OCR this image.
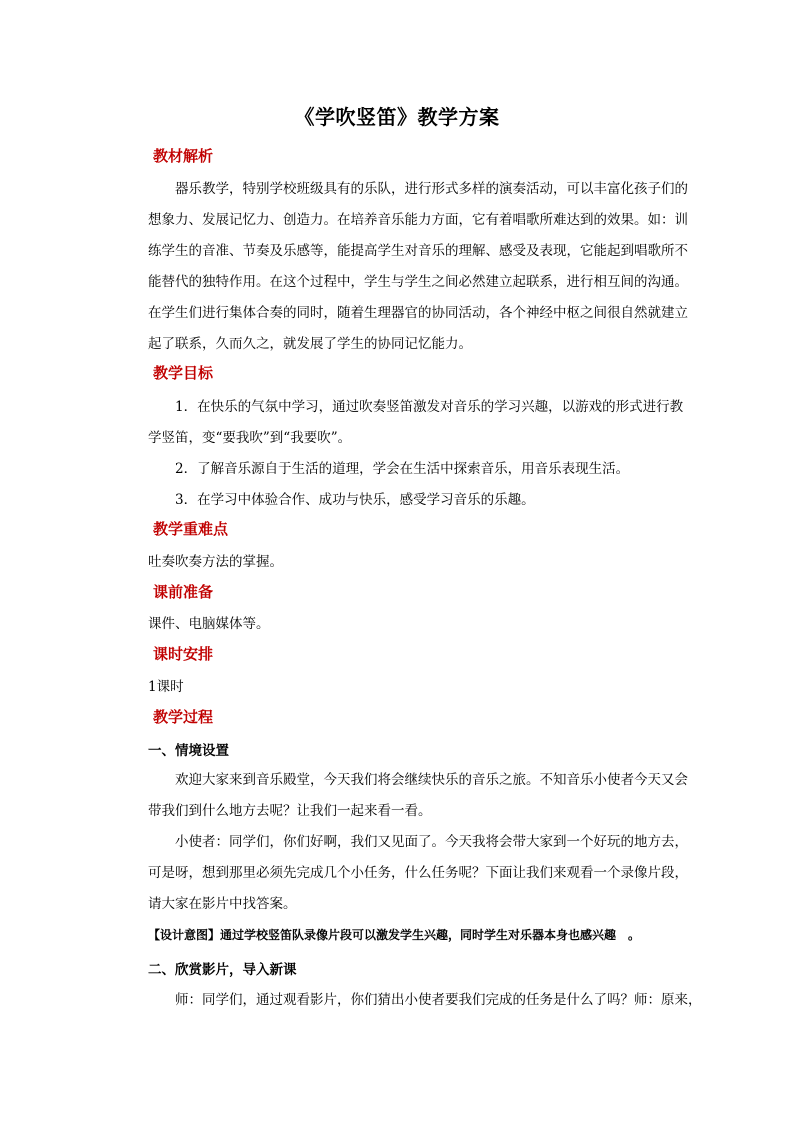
《学吹竖笛》教学方案
教材解析
　　器乐教学，特别学校班级具有的乐队，进行形式多样的演奏活动，可以丰富化孩子们的
想象力、发展记忆力、创造力。在培养音乐能力方面，它有着唱歌所难达到的效果。如：训
练学生的音准、节奏及乐感等，能提高学生对音乐的理解、感受及表现，它能起到唱歌所不
能替代的独特作用。在这个过程中，学生与学生之间必然建立起联系，进行相互间的沟通。
在学生们进行集体合奏的同时，随着生理器官的协同活动，各个神经中枢之间很自然就建立
起了联系，久而久之，就发展了学生的协同记忆能力。
教学目标
　　1．在快乐的气氛中学习，通过吹奏竖笛激发对音乐的学习兴趣，以游戏的形式进行教
学竖笛，变“要我吹”到“我要吹”。
　　2．了解音乐源自于生活的道理，学会在生活中探索音乐，用音乐表现生活。
　　3．在学习中体验合作、成功与快乐，感受学习音乐的乐趣。
教学重难点
吐奏吹奏方法的掌握。
课前准备
课件、电脑媒体等。
课时安排
1课时
教学过程
一、情境设置
　　欢迎大家来到音乐殿堂，今天我们将会继续快乐的音乐之旅。不知音乐小使者今天又会
带我们到什么地方去呢？让我们一起来看一看。
　　小使者：同学们，你们好啊，我们又见面了。今天我将会带大家到一个好玩的地方去，
可是呀，想到那里必须先完成几个小任务，什么任务呢？下面让我们来观看一个录像片段，
请大家在影片中找答案。
【设计意图】通过学校竖笛队录像片段可以激发学生兴趣，同时学生对乐器本身也感兴趣　。
二、欣赏影片，导入新课
　　师：同学们，通过观看影片，你们猜出小使者要我们完成的任务是什么了吗？师：原来，
